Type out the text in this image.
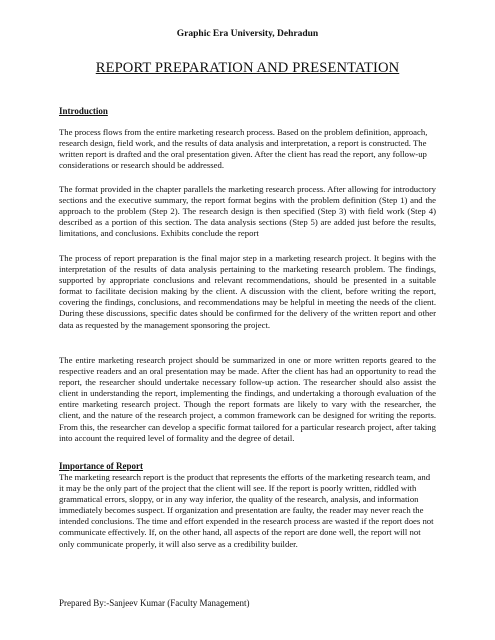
Graphic Era University, Dehradun
REPORT PREPARATION AND PRESENTATION

Introduction

The process flows from the entire marketing research process. Based on the problem definition, approach, research design, field work, and the results of data analysis and interpretation, a report is constructed. The written report is drafted and the oral presentation given. After the client has read the report, any follow-up considerations or research should be addressed.

The format provided in the chapter parallels the marketing research process. After allowing for introductory sections and the executive summary, the report format begins with the problem definition (Step 1) and the approach to the problem (Step 2). The research design is then specified (Step 3) with field work (Step 4) described as a portion of this section. The data analysis sections (Step 5) are added just before the results, limitations, and conclusions. Exhibits conclude the report

The process of report preparation is the final major step in a marketing research project. It begins with the interpretation of the results of data analysis pertaining to the marketing research problem. The findings, supported by appropriate conclusions and relevant recommendations, should be presented in a suitable format to facilitate decision making by the client. A discussion with the client, before writing the report, covering the findings, conclusions, and recommendations may be helpful in meeting the needs of the client. During these discussions, specific dates should be confirmed for the delivery of the written report and other data as requested by the management sponsoring the project.

The entire marketing research project should be summarized in one or more written reports geared to the respective readers and an oral presentation may be made. After the client has had an opportunity to read the report, the researcher should undertake necessary follow-up action. The researcher should also assist the client in understanding the report, implementing the findings, and undertaking a thorough evaluation of the entire marketing research project. Though the report formats are likely to vary with the researcher, the client, and the nature of the research project, a common framework can be designed for writing the reports. From this, the researcher can develop a specific format tailored for a particular research project, after taking into account the required level of formality and the degree of detail.

Importance of Report

The marketing research report is the product that represents the efforts of the marketing research team, and it may be the only part of the project that the client will see. If the report is poorly written, riddled with grammatical errors, sloppy, or in any way inferior, the quality of the research, analysis, and information immediately becomes suspect. If organization and presentation are faulty, the reader may never reach the intended conclusions. The time and effort expended in the research process are wasted if the report does not communicate effectively. If, on the other hand, all aspects of the report are done well, the report will not only communicate properly, it will also serve as a credibility builder.

Prepared By:-Sanjeev Kumar (Faculty Management)
